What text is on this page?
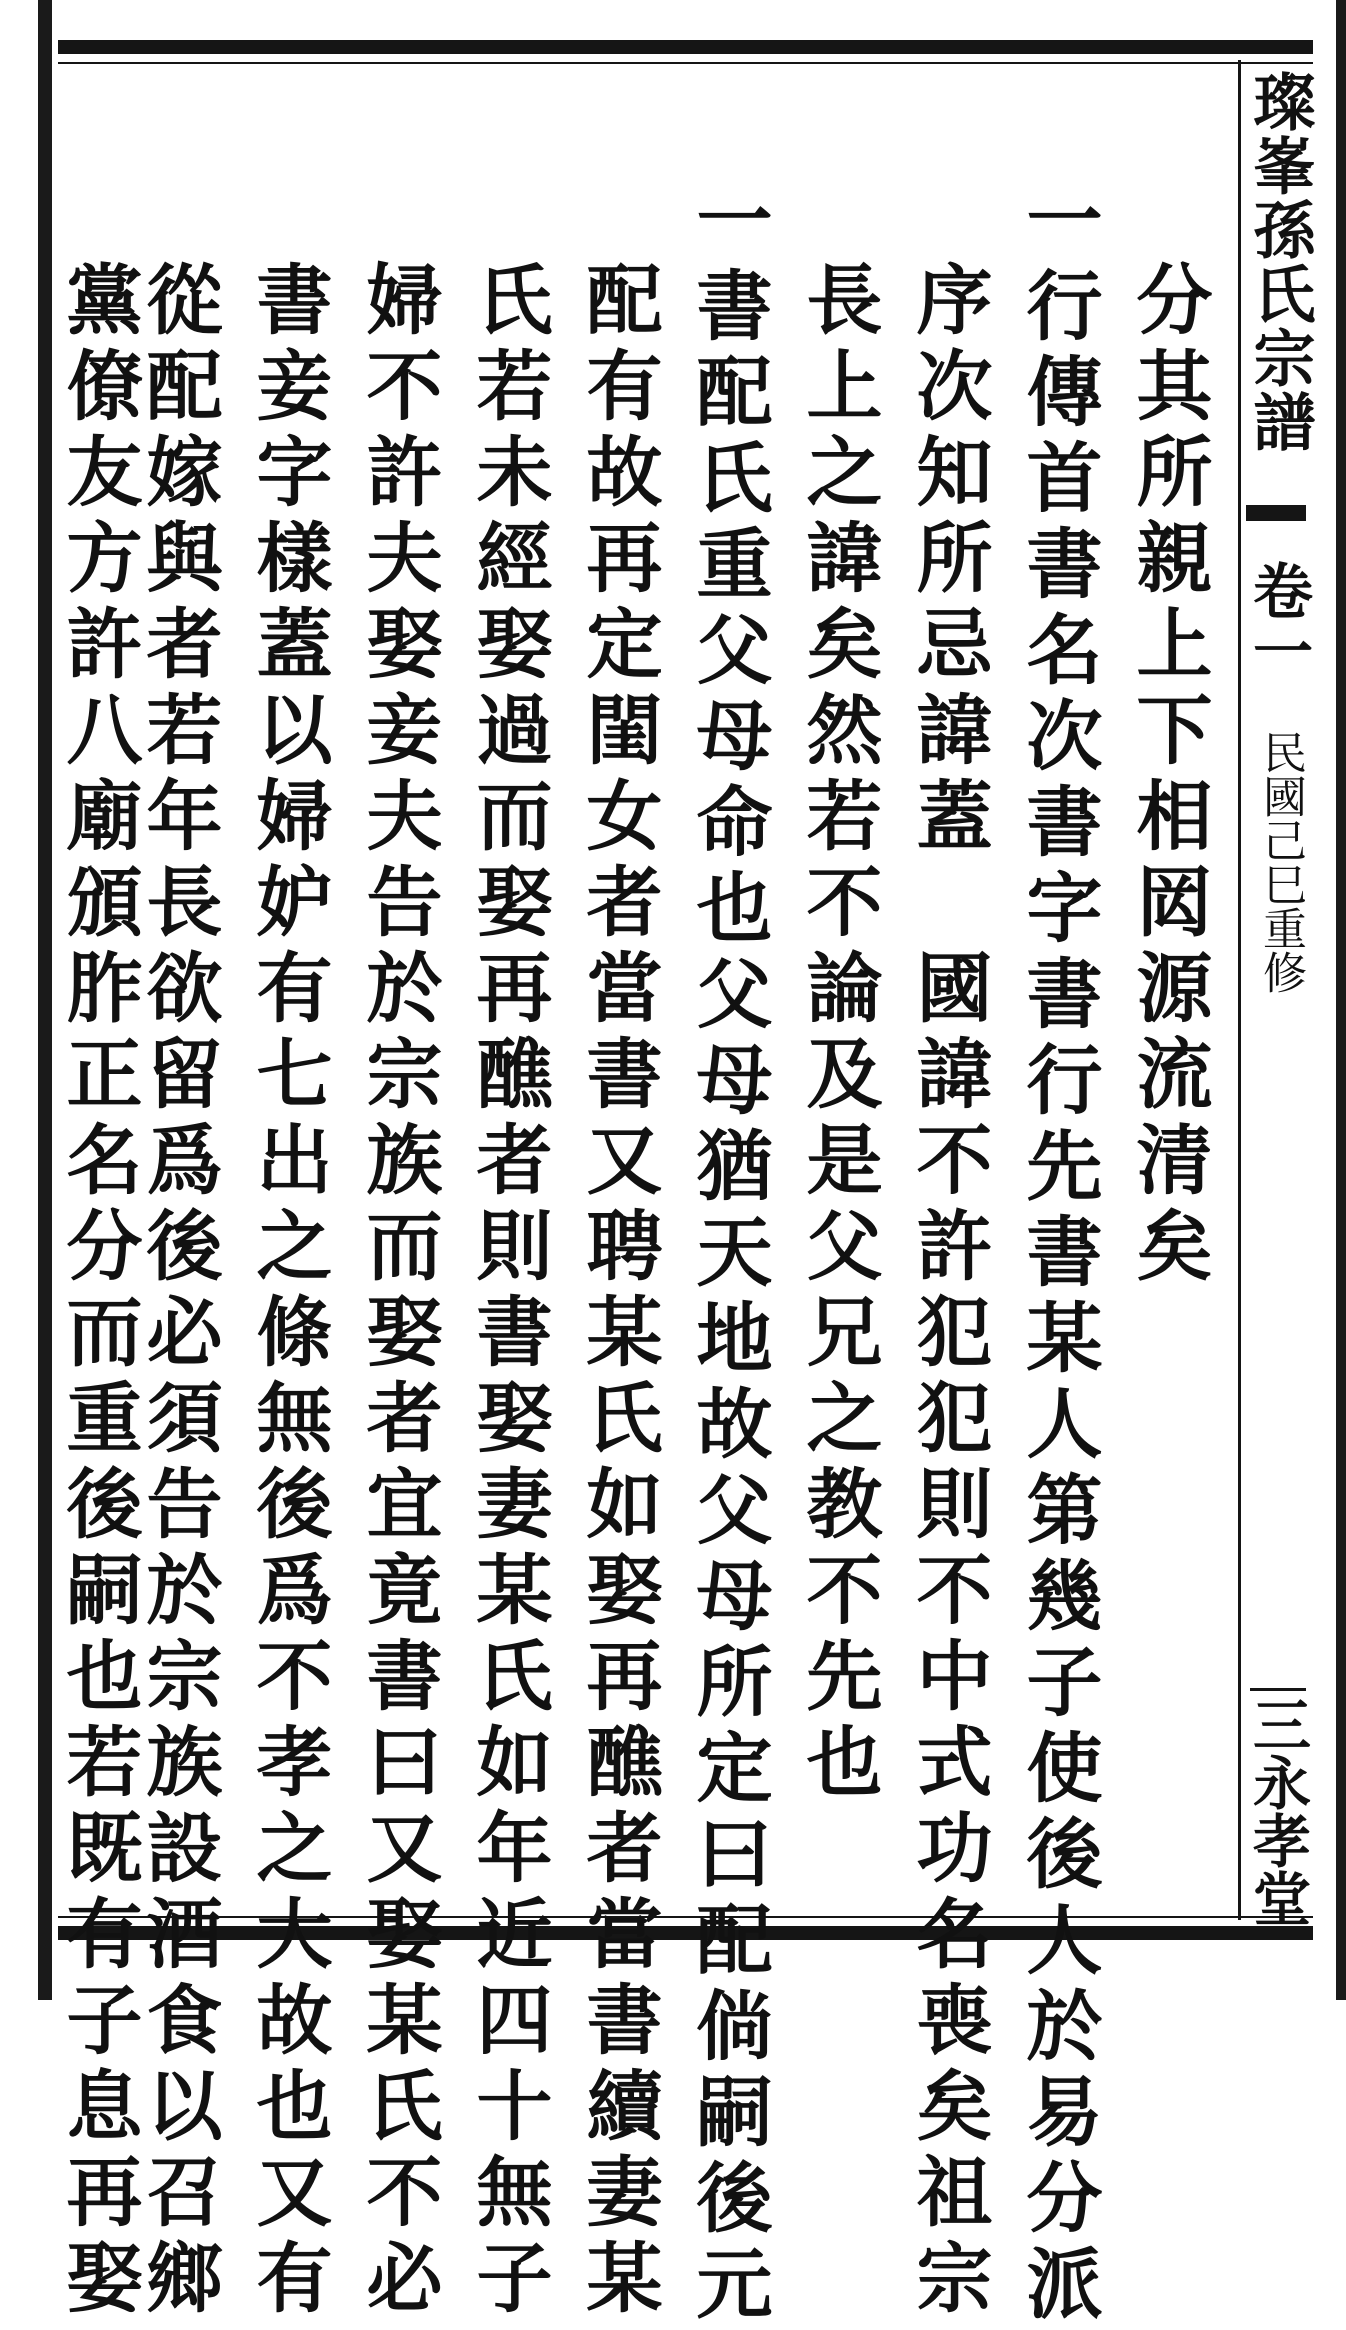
璨峯孫氏宗譜
卷一
民國己巳重修
三永孝堂
分其所親上下相㒺源流清矣
一行傳首書名次書字書行先書某人第幾子使後人於易分派
序次知所忌諱蓋　國諱不許犯犯則不中式功名喪矣祖宗
長上之諱矣然若不論及是父兄之教不先也
一書配氏重父母命也父母猶天地故父母所定曰配倘嗣後元
配有故再定閨女者當書又聘某氏如娶再醮者當書續妻某
氏若未經娶過而娶再醮者則書娶妻某氏如年近四十無子
婦不許夫娶妾夫告於宗族而娶者宜竟書曰又娶某氏不必
書妾字樣蓋以婦妒有七出之條無後爲不孝之大故也又有
從配嫁與者若年長欲留爲後必須告於宗族設酒食以召鄉
黨僚友方許八廟頒胙正名分而重後嗣也若既有子息再娶
